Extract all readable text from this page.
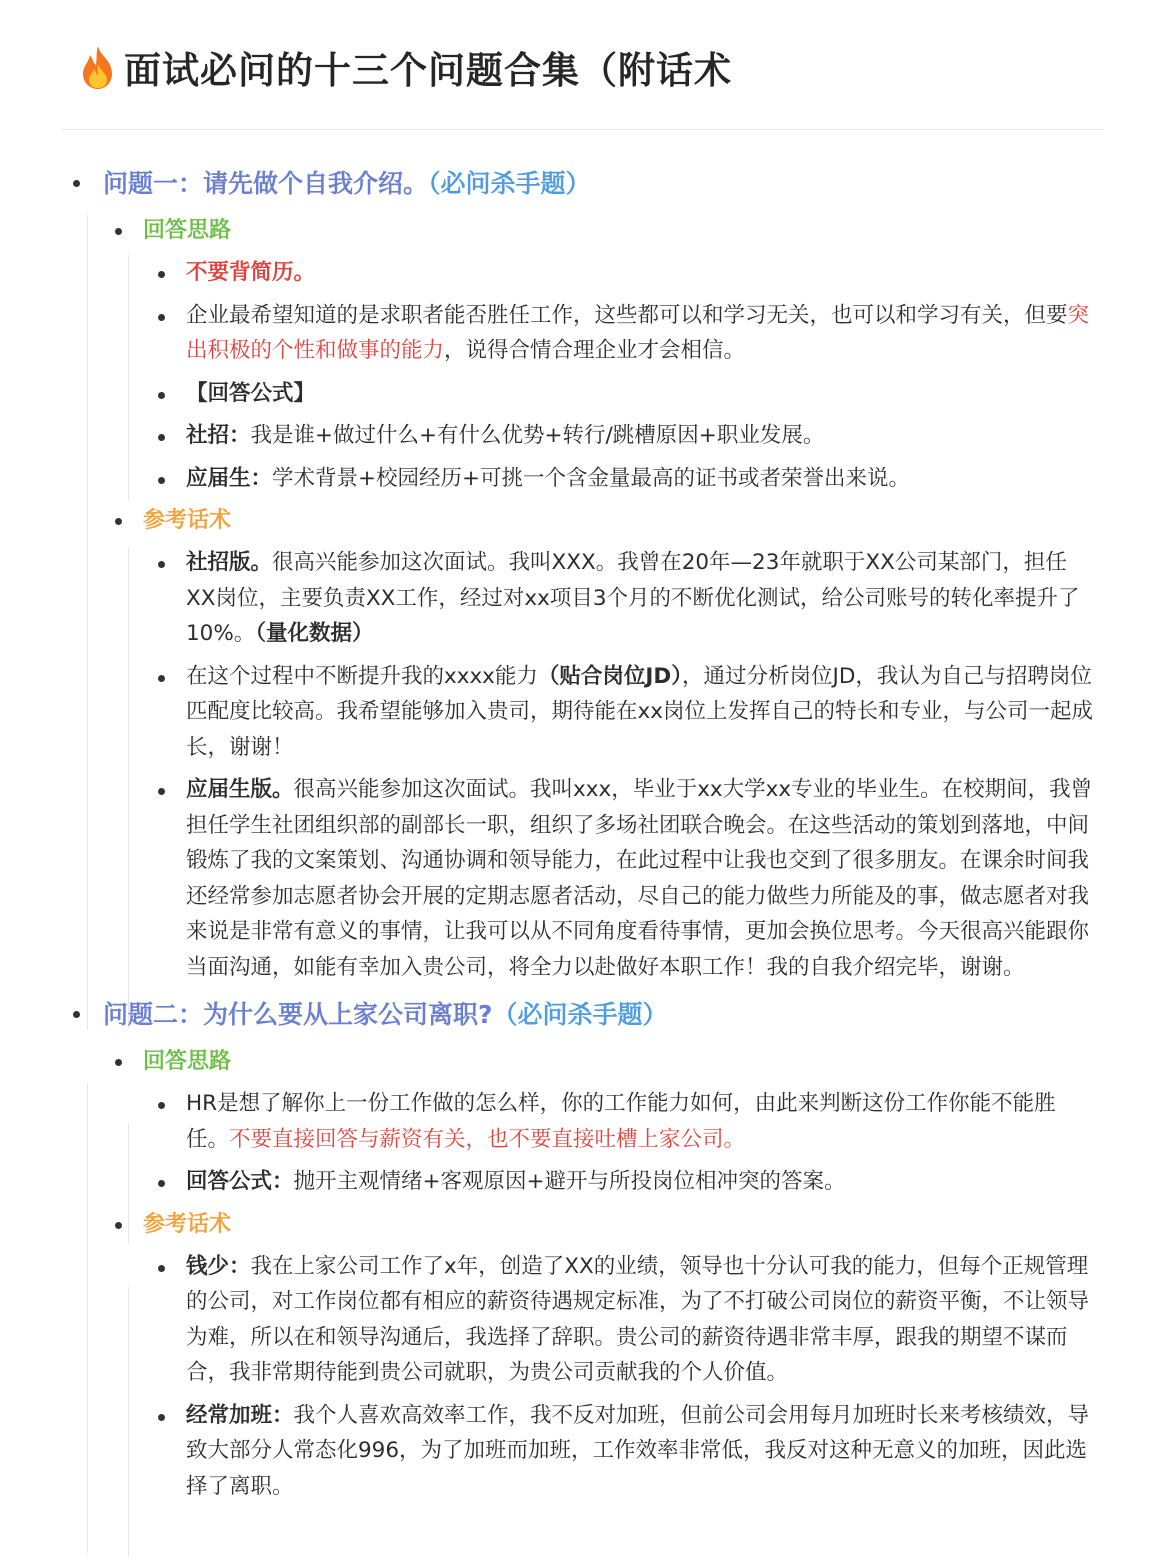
面试必问的十三个问题合集（附话术
问题一：请先做个自我介绍。（必问杀手题）
回答思路
不要背简历。
企业最希望知道的是求职者能否胜任工作，这些都可以和学习无关，也可以和学习有关，但要突出积极的个性和做事的能力，说得合情合理企业才会相信。
【回答公式】
社招：我是谁+做过什么+有什么优势+转行/跳槽原因+职业发展。
应届生：学术背景+校园经历+可挑一个含金量最高的证书或者荣誉出来说。
参考话术
社招版。很高兴能参加这次面试。我叫XXX。我曾在20年—23年就职于XX公司某部门，担任XX岗位，主要负责XX工作，经过对xx项目3个月的不断优化测试，给公司账号的转化率提升了 10%。（量化数据）
在这个过程中不断提升我的xxxx能力（贴合岗位JD），通过分析岗位JD，我认为自己与招聘岗位匹配度比较高。我希望能够加入贵司，期待能在xx岗位上发挥自己的特长和专业，与公司一起成长，谢谢！
应届生版。很高兴能参加这次面试。我叫xxx，毕业于xx大学xx专业的毕业生。在校期间，我曾担任学生社团组织部的副部长一职，组织了多场社团联合晚会。在这些活动的策划到落地，中间锻炼了我的文案策划、沟通协调和领导能力，在此过程中让我也交到了很多朋友。在课余时间我还经常参加志愿者协会开展的定期志愿者活动，尽自己的能力做些力所能及的事，做志愿者对我来说是非常有意义的事情，让我可以从不同角度看待事情，更加会换位思考。今天很高兴能跟你当面沟通，如能有幸加入贵公司，将全力以赴做好本职工作！我的自我介绍完毕，谢谢。
问题二：为什么要从上家公司离职?（必问杀手题）
回答思路
HR是想了解你上一份工作做的怎么样，你的工作能力如何，由此来判断这份工作你能不能胜任。不要直接回答与薪资有关，也不要直接吐槽上家公司。
回答公式：抛开主观情绪+客观原因+避开与所投岗位相冲突的答案。
参考话术
钱少：我在上家公司工作了x年，创造了XX的业绩，领导也十分认可我的能力，但每个正规管理的公司，对工作岗位都有相应的薪资待遇规定标准，为了不打破公司岗位的薪资平衡，不让领导为难，所以在和领导沟通后，我选择了辞职。贵公司的薪资待遇非常丰厚，跟我的期望不谋而合，我非常期待能到贵公司就职，为贵公司贡献我的个人价值。
经常加班：我个人喜欢高效率工作，我不反对加班，但前公司会用每月加班时长来考核绩效，导致大部分人常态化996，为了加班而加班，工作效率非常低，我反对这种无意义的加班，因此选择了离职。
